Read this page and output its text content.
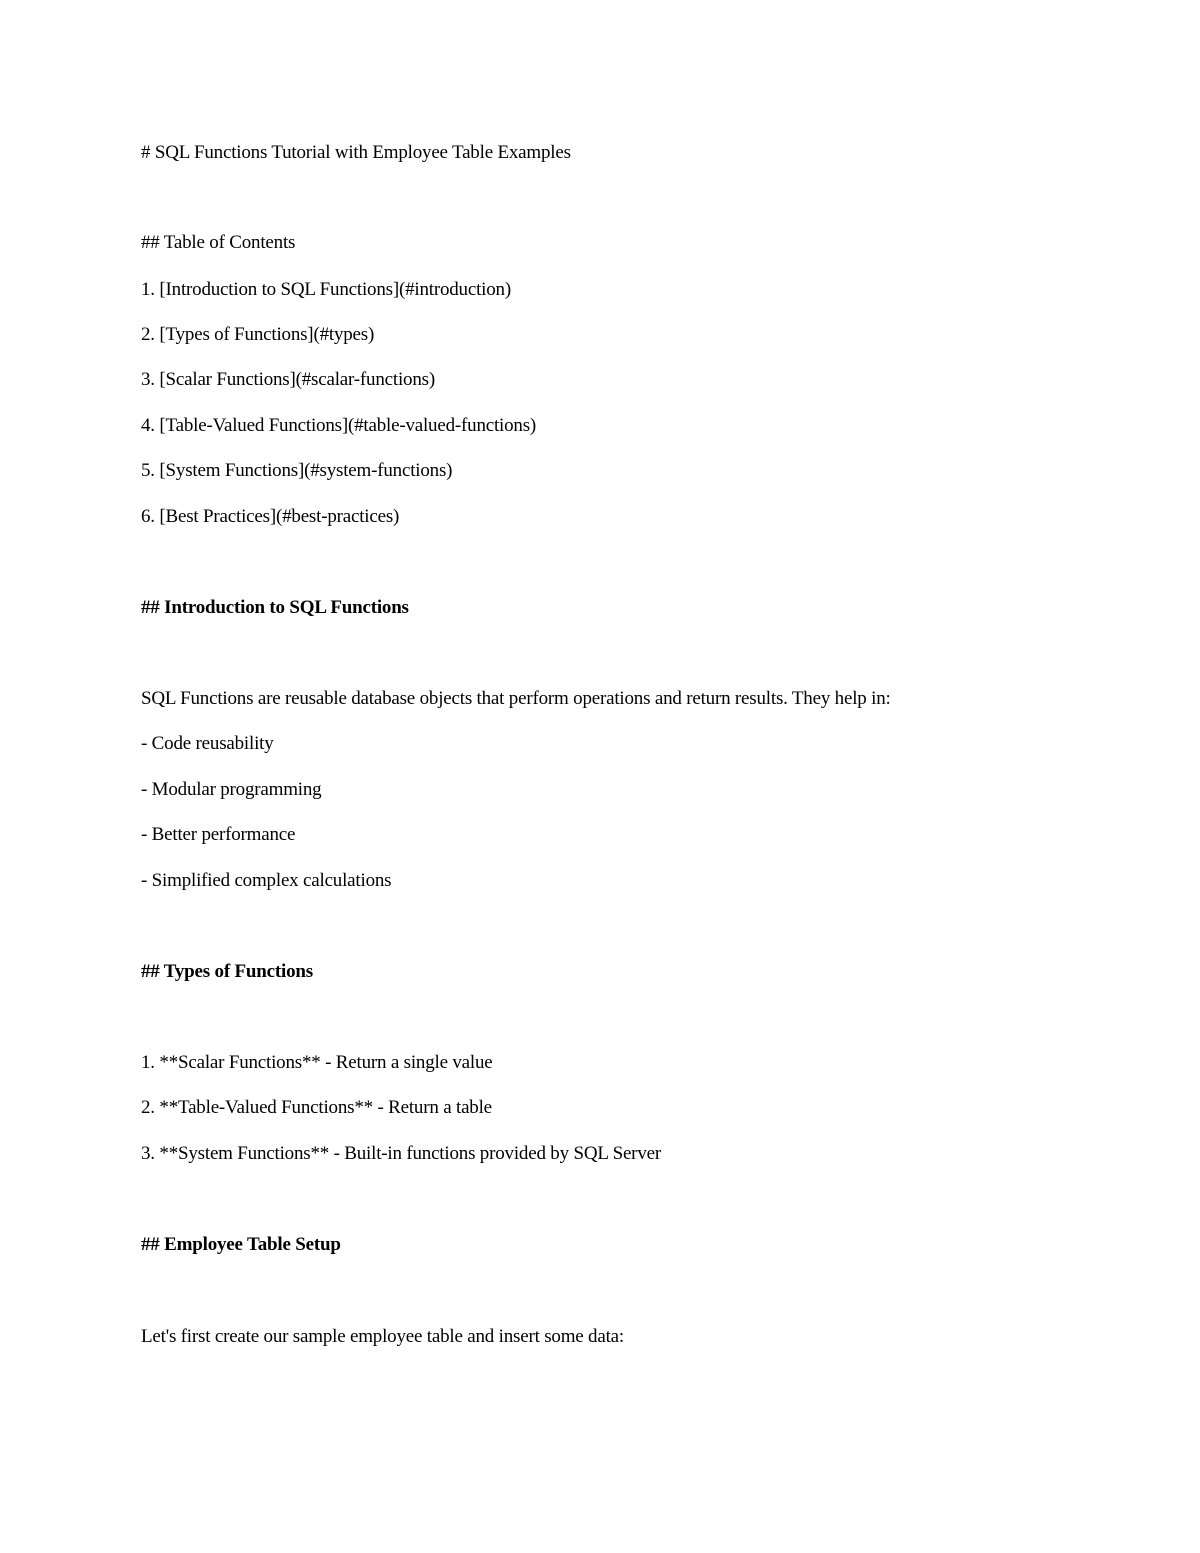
# SQL Functions Tutorial with Employee Table Examples
## Table of Contents
1. [Introduction to SQL Functions](#introduction)
2. [Types of Functions](#types)
3. [Scalar Functions](#scalar-functions)
4. [Table-Valued Functions](#table-valued-functions)
5. [System Functions](#system-functions)
6. [Best Practices](#best-practices)
## Introduction to SQL Functions
SQL Functions are reusable database objects that perform operations and return results. They help in:
- Code reusability
- Modular programming
- Better performance
- Simplified complex calculations
## Types of Functions
1. **Scalar Functions** - Return a single value
2. **Table-Valued Functions** - Return a table
3. **System Functions** - Built-in functions provided by SQL Server
## Employee Table Setup
Let's first create our sample employee table and insert some data:
